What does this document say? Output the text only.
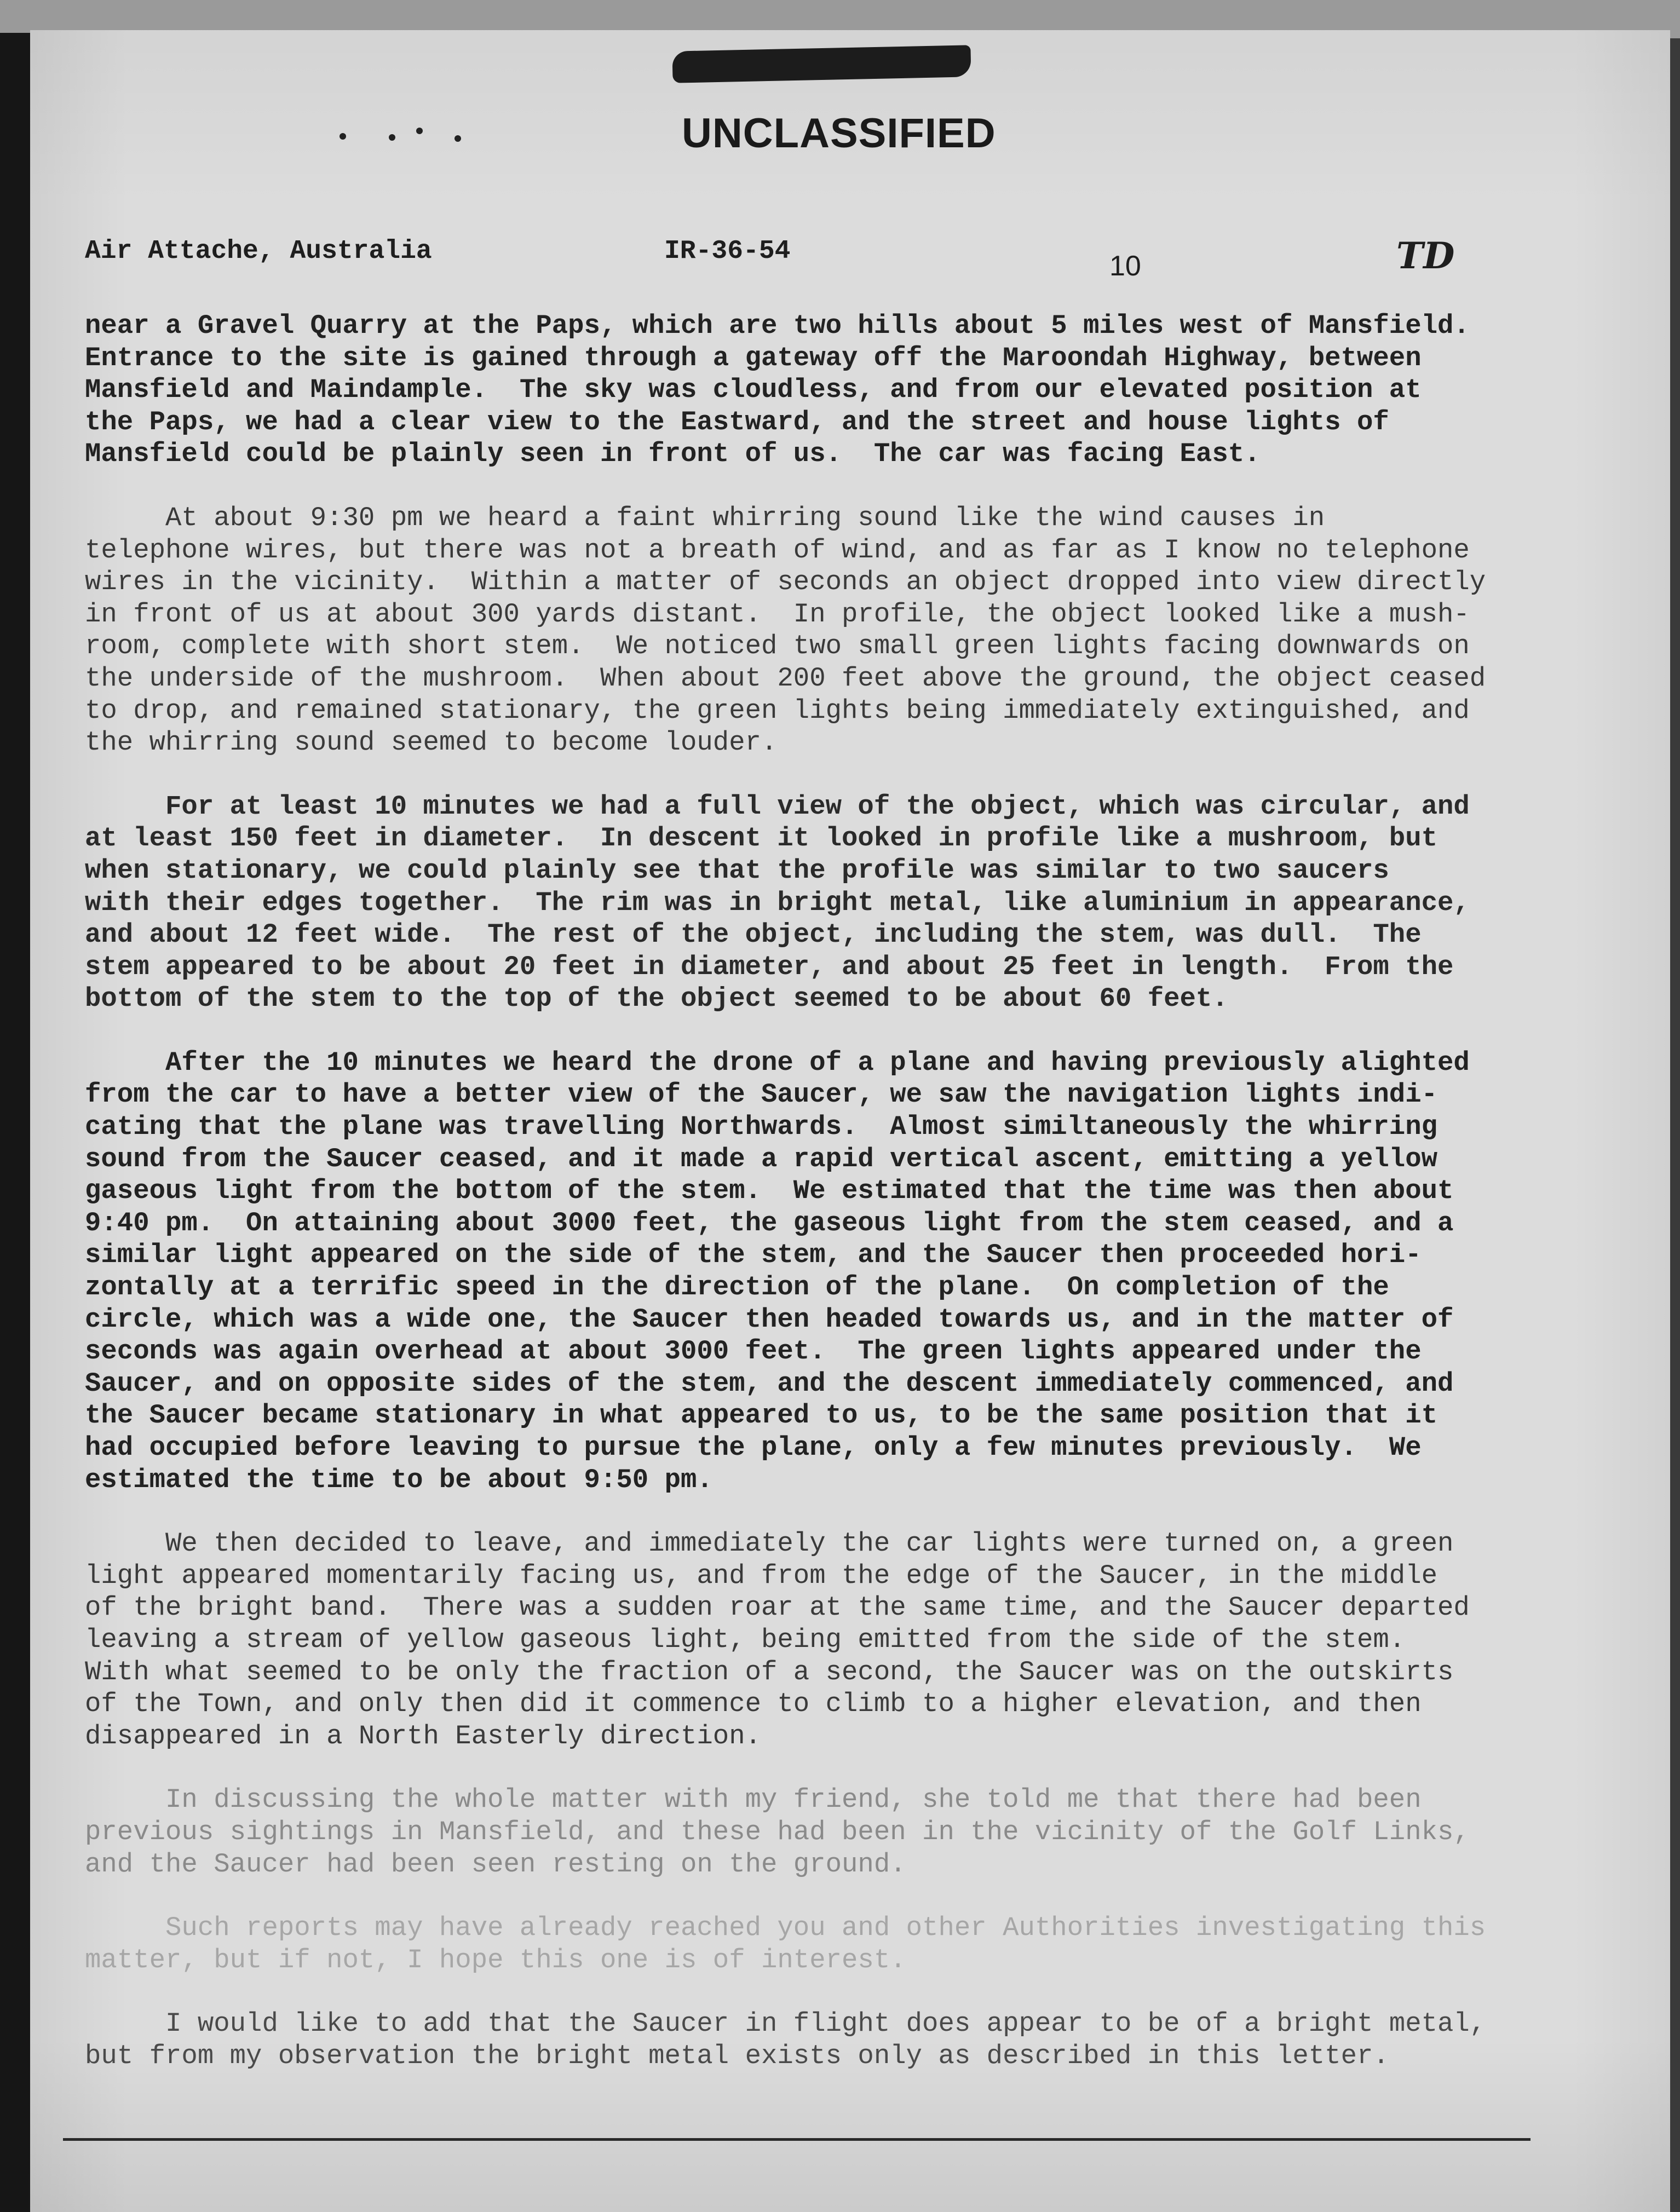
UNCLASSIFIED
Air Attache, Australia	IR-36-54	10	TD

near a Gravel Quarry at the Paps, which are two hills about 5 miles west of Mansfield.
Entrance to the site is gained through a gateway off the Maroondah Highway, between
Mansfield and Maindample.  The sky was cloudless, and from our elevated position at
the Paps, we had a clear view to the Eastward, and the street and house lights of
Mansfield could be plainly seen in front of us.  The car was facing East.

At about 9:30 pm we heard a faint whirring sound like the wind causes in
telephone wires, but there was not a breath of wind, and as far as I know no telephone
wires in the vicinity.  Within a matter of seconds an object dropped into view directly
in front of us at about 300 yards distant.  In profile, the object looked like a mush-
room, complete with short stem.  We noticed two small green lights facing downwards on
the underside of the mushroom.  When about 200 feet above the ground, the object ceased
to drop, and remained stationary, the green lights being immediately extinguished, and
the whirring sound seemed to become louder.

For at least 10 minutes we had a full view of the object, which was circular, and
at least 150 feet in diameter.  In descent it looked in profile like a mushroom, but
when stationary, we could plainly see that the profile was similar to two saucers
with their edges together.  The rim was in bright metal, like aluminium in appearance,
and about 12 feet wide.  The rest of the object, including the stem, was dull.  The
stem appeared to be about 20 feet in diameter, and about 25 feet in length.  From the
bottom of the stem to the top of the object seemed to be about 60 feet.

After the 10 minutes we heard the drone of a plane and having previously alighted
from the car to have a better view of the Saucer, we saw the navigation lights indi-
cating that the plane was travelling Northwards.  Almost similtaneously the whirring
sound from the Saucer ceased, and it made a rapid vertical ascent, emitting a yellow
gaseous light from the bottom of the stem.  We estimated that the time was then about
9:40 pm.  On attaining about 3000 feet, the gaseous light from the stem ceased, and a
similar light appeared on the side of the stem, and the Saucer then proceeded hori-
zontally at a terrific speed in the direction of the plane.  On completion of the
circle, which was a wide one, the Saucer then headed towards us, and in the matter of
seconds was again overhead at about 3000 feet.  The green lights appeared under the
Saucer, and on opposite sides of the stem, and the descent immediately commenced, and
the Saucer became stationary in what appeared to us, to be the same position that it
had occupied before leaving to pursue the plane, only a few minutes previously.  We
estimated the time to be about 9:50 pm.

We then decided to leave, and immediately the car lights were turned on, a green
light appeared momentarily facing us, and from the edge of the Saucer, in the middle
of the bright band.  There was a sudden roar at the same time, and the Saucer departed
leaving a stream of yellow gaseous light, being emitted from the side of the stem.
With what seemed to be only the fraction of a second, the Saucer was on the outskirts
of the Town, and only then did it commence to climb to a higher elevation, and then
disappeared in a North Easterly direction.

In discussing the whole matter with my friend, she told me that there had been
previous sightings in Mansfield, and these had been in the vicinity of the Golf Links,
and the Saucer had been seen resting on the ground.

Such reports may have already reached you and other Authorities investigating this
matter, but if not, I hope this one is of interest.

I would like to add that the Saucer in flight does appear to be of a bright metal,
but from my observation the bright metal exists only as described in this letter.
